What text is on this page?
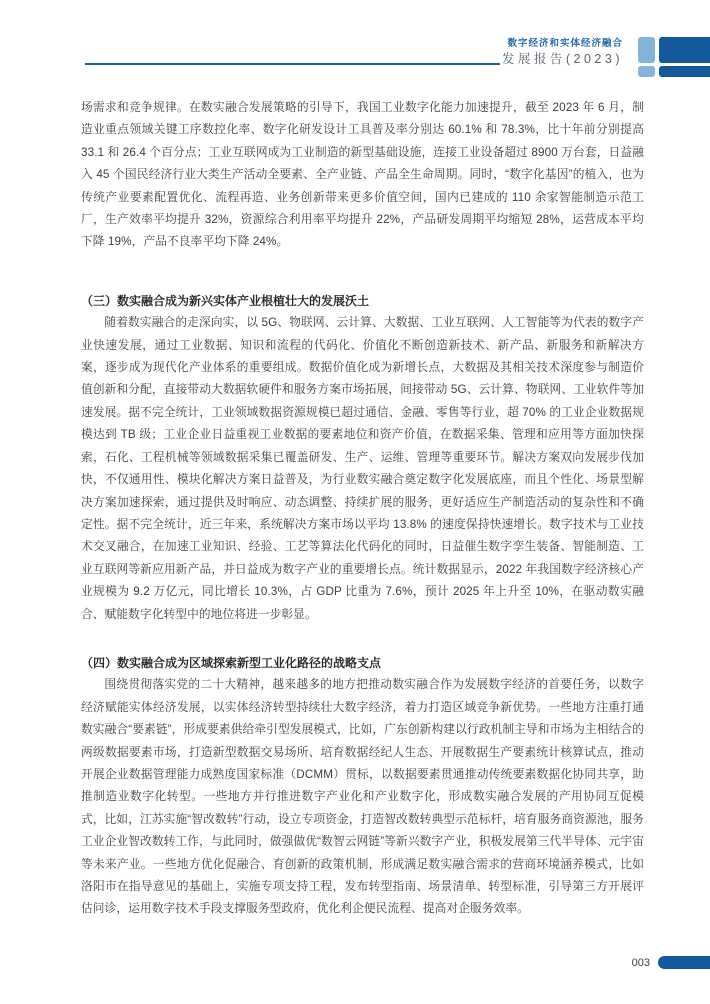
数字经济和实体经济融合
发展报告(2023)

场需求和竞争规律。在数实融合发展策略的引导下，我国工业数字化能力加速提升，截至 2023 年 6 月，制造业重点领域关键工序数控化率、数字化研发设计工具普及率分别达 60.1% 和 78.3%，比十年前分别提高 33.1 和 26.4 个百分点；工业互联网成为工业制造的新型基础设施，连接工业设备超过 8900 万台套，日益融入 45 个国民经济行业大类生产活动全要素、全产业链、产品全生命周期。同时，“数字化基因”的植入，也为传统产业要素配置优化、流程再造、业务创新带来更多价值空间，国内已建成的 110 余家智能制造示范工厂，生产效率平均提升 32%，资源综合利用率平均提升 22%，产品研发周期平均缩短 28%，运营成本平均下降 19%，产品不良率平均下降 24%。

（三）数实融合成为新兴实体产业根植壮大的发展沃土

随着数实融合的走深向实，以 5G、物联网、云计算、大数据、工业互联网、人工智能等为代表的数字产业快速发展，通过工业数据、知识和流程的代码化、价值化不断创造新技术、新产品、新服务和新解决方案，逐步成为现代化产业体系的重要组成。数据价值化成为新增长点，大数据及其相关技术深度参与制造价值创新和分配，直接带动大数据软硬件和服务方案市场拓展，间接带动 5G、云计算、物联网、工业软件等加速发展。据不完全统计，工业领域数据资源规模已超过通信、金融、零售等行业，超 70% 的工业企业数据规模达到 TB 级；工业企业日益重视工业数据的要素地位和资产价值，在数据采集、管理和应用等方面加快探索，石化、工程机械等领域数据采集已覆盖研发、生产、运维、管理等重要环节。解决方案双向发展步伐加快，不仅通用性、模块化解决方案日益普及，为行业数实融合奠定数字化发展底座，而且个性化、场景型解决方案加速探索，通过提供及时响应、动态调整、持续扩展的服务，更好适应生产制造活动的复杂性和不确定性。据不完全统计，近三年来，系统解决方案市场以平均 13.8% 的速度保持快速增长。数字技术与工业技术交叉融合，在加速工业知识、经验、工艺等算法化代码化的同时，日益催生数字孪生装备、智能制造、工业互联网等新应用新产品，并日益成为数字产业的重要增长点。统计数据显示，2022 年我国数字经济核心产业规模为 9.2 万亿元，同比增长 10.3%，占 GDP 比重为 7.6%，预计 2025 年上升至 10%，在驱动数实融合、赋能数字化转型中的地位将进一步彰显。

（四）数实融合成为区域探索新型工业化路径的战略支点

围绕贯彻落实党的二十大精神，越来越多的地方把推动数实融合作为发展数字经济的首要任务，以数字经济赋能实体经济发展，以实体经济转型持续壮大数字经济，着力打造区域竞争新优势。一些地方注重打通数实融合“要素链”，形成要素供给牵引型发展模式，比如，广东创新构建以行政机制主导和市场为主相结合的两级数据要素市场，打造新型数据交易场所、培育数据经纪人生态、开展数据生产要素统计核算试点，推动开展企业数据管理能力成熟度国家标准（DCMM）贯标，以数据要素贯通推动传统要素数据化协同共享，助推制造业数字化转型。一些地方并行推进数字产业化和产业数字化，形成数实融合发展的产用协同互促模式，比如，江苏实施“智改数转”行动，设立专项资金，打造智改数转典型示范标杆，培育服务商资源池，服务工业企业智改数转工作，与此同时，做强做优“数智云网链”等新兴数字产业，积极发展第三代半导体、元宇宙等未来产业。一些地方优化促融合、育创新的政策机制，形成满足数实融合需求的营商环境涵养模式，比如洛阳市在指导意见的基础上，实施专项支持工程，发布转型指南、场景清单、转型标准，引导第三方开展评估问诊，运用数字技术手段支撑服务型政府，优化利企便民流程、提高对企服务效率。

003
